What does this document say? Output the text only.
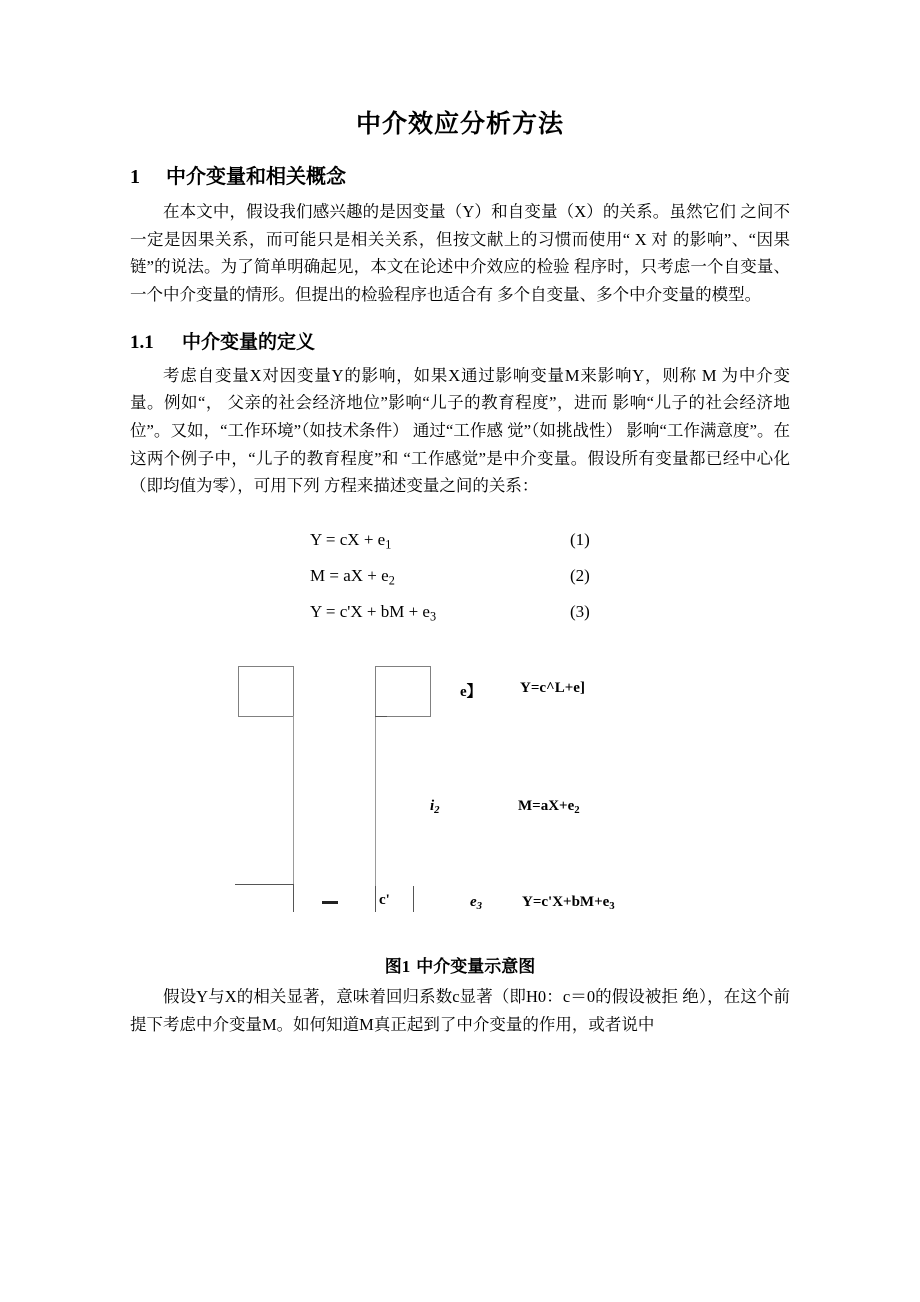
中介效应分析方法
1 中介变量和相关概念

在本文中，假设我们感兴趣的是因变量（Y）和自变量（X）的关系。虽然它们 之间不一定是因果关系，而可能只是相关关系，但按文献上的习惯而使用“ X 对 的影响”、“因果链”的说法。为了简单明确起见，本文在论述中介效应的检验 程序时，只考虑一个自变量、一个中介变量的情形。但提出的检验程序也适合有 多个自变量、多个中介变量的模型。

1.1 中介变量的定义

考虑自变量X对因变量Y的影响，如果X通过影响变量M来影响Y，则称 M 为中介变量。例如“， 父亲的社会经济地位”影响“儿子的教育程度”，进而 影响“儿子的社会经济地位”。又如，“工作环境”（如技术条件） 通过“工作感 觉”（如挑战性） 影响“工作满意度”。在这两个例子中，“儿子的教育程度”和 “工作感觉”是中介变量。假设所有变量都已经中心化（即均值为零），可用下列 方程来描述变量之间的关系：

Y = cX + $e_1$	(1)
M = aX + $e_2$	(2)
Y = c'X + bM + $e_3$	(3)
e】	Y=c^L+e]
$i_2$	$M=aX+e_2$
c'	$e_3$	$Y=c'X+bM+e_3$

图1 中介变量示意图

假设Y与X的相关显著，意味着回归系数c显著（即H0：c＝0的假设被拒 绝），在这个前提下考虑中介变量M。如何知道M真正起到了中介变量的作用，或者说中
